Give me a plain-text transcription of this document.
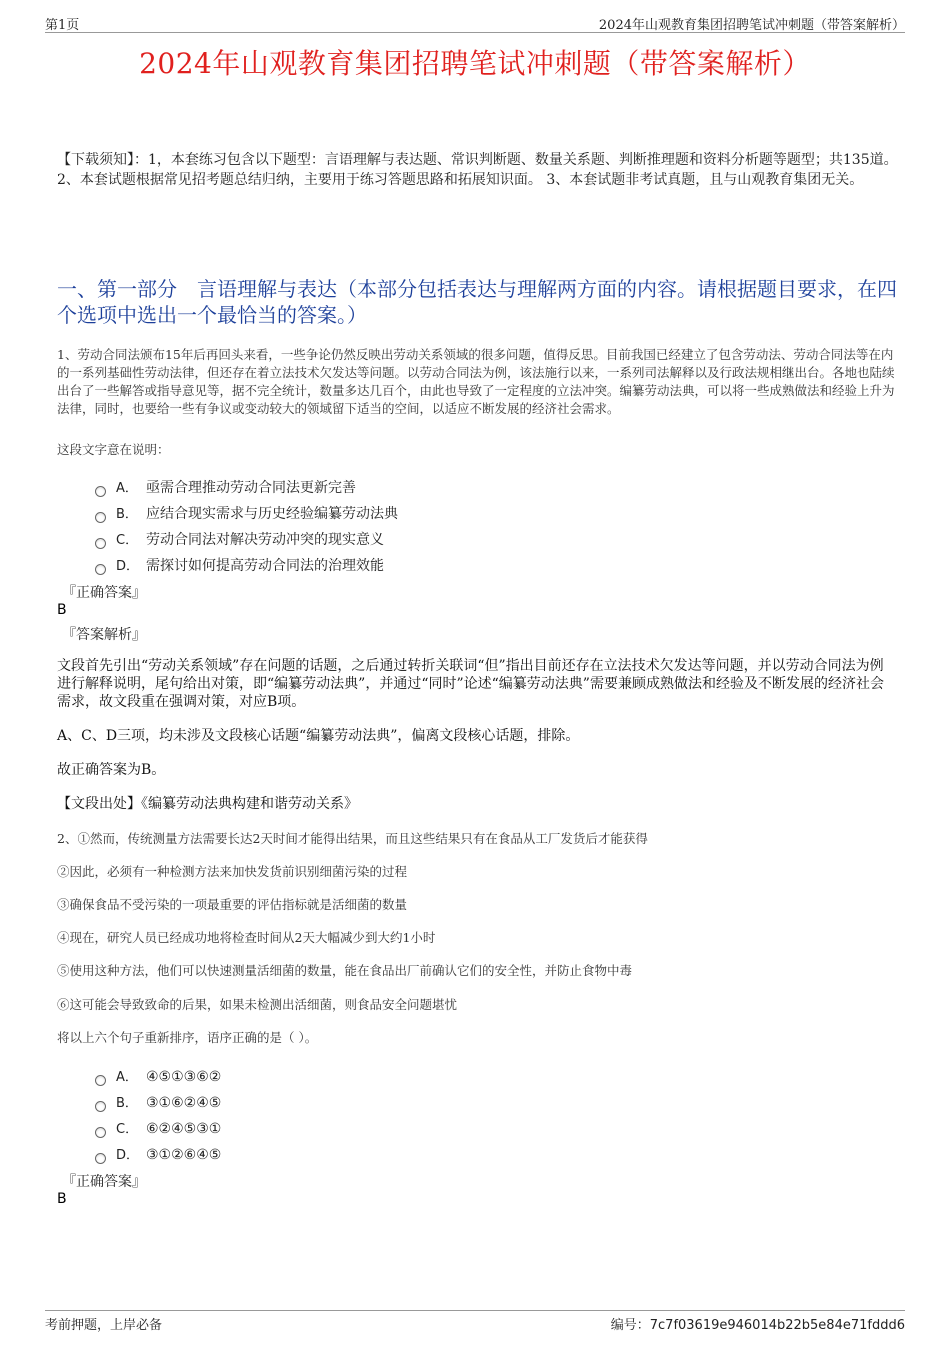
第1页	2024年山观教育集团招聘笔试冲刺题（带答案解析）
2024年山观教育集团招聘笔试冲刺题（带答案解析）
【下载须知】：1，本套练习包含以下题型：言语理解与表达题、常识判断题、数量关系题、判断推理题和资料分析题等题型；共135道。 2、本套试题根据常见招考题总结归纳，主要用于练习答题思路和拓展知识面。 3、本套试题非考试真题，且与山观教育集团无关。
一、第一部分　言语理解与表达（本部分包括表达与理解两方面的内容。请根据题目要求，在四个选项中选出一个最恰当的答案。）
1、劳动合同法颁布15年后再回头来看，一些争论仍然反映出劳动关系领域的很多问题，值得反思。目前我国已经建立了包含劳动法、劳动合同法等在内的一系列基础性劳动法律，但还存在着立法技术欠发达等问题。以劳动合同法为例，该法施行以来，一系列司法解释以及行政法规相继出台。各地也陆续出台了一些解答或指导意见等，据不完全统计，数量多达几百个，由此也导致了一定程度的立法冲突。编纂劳动法典，可以将一些成熟做法和经验上升为法律，同时，也要给一些有争议或变动较大的领域留下适当的空间，以适应不断发展的经济社会需求。
这段文字意在说明：
A． 亟需合理推动劳动合同法更新完善
B． 应结合现实需求与历史经验编纂劳动法典
C． 劳动合同法对解决劳动冲突的现实意义
D． 需探讨如何提高劳动合同法的治理效能
『正确答案』
B
『答案解析』
文段首先引出“劳动关系领域”存在问题的话题，之后通过转折关联词“但”指出目前还存在立法技术欠发达等问题，并以劳动合同法为例进行解释说明，尾句给出对策，即“编纂劳动法典”，并通过“同时”论述“编纂劳动法典”需要兼顾成熟做法和经验及不断发展的经济社会需求，故文段重在强调对策，对应B项。
A、C、D三项，均未涉及文段核心话题“编纂劳动法典”，偏离文段核心话题，排除。
故正确答案为B。
【文段出处】《编纂劳动法典构建和谐劳动关系》
2、①然而，传统测量方法需要长达2天时间才能得出结果，而且这些结果只有在食品从工厂发货后才能获得
②因此，必须有一种检测方法来加快发货前识别细菌污染的过程
③确保食品不受污染的一项最重要的评估指标就是活细菌的数量
④现在，研究人员已经成功地将检查时间从2天大幅减少到大约1小时
⑤使用这种方法，他们可以快速测量活细菌的数量，能在食品出厂前确认它们的安全性，并防止食物中毒
⑥这可能会导致致命的后果，如果未检测出活细菌，则食品安全问题堪忧
将以上六个句子重新排序，语序正确的是（ ）。
A． ④⑤①③⑥②
B． ③①⑥②④⑤
C． ⑥②④⑤③①
D． ③①②⑥④⑤
『正确答案』
B
考前押题，上岸必备	编号：7c7f03619e946014b22b5e84e71fddd6
